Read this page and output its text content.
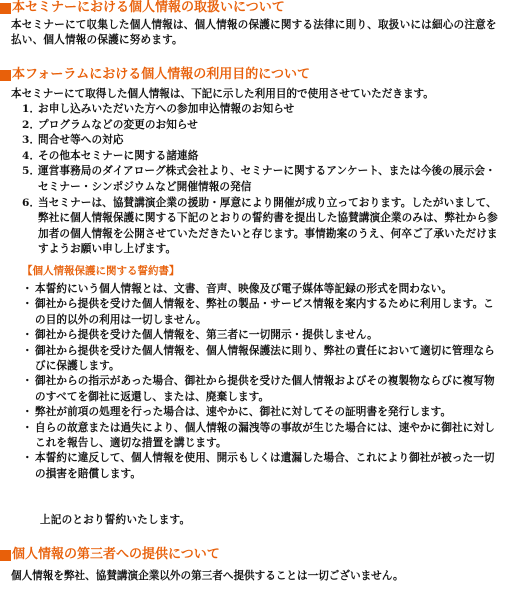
本セミナーにおける個人情報の取扱いについて
本セミナーにて収集した個人情報は、個人情報の保護に関する法律に則り、取扱いには細心の注意を払い、個人情報の保護に努めます。
本フォーラムにおける個人情報の利用目的について
本セミナーにて取得した個人情報は、下記に示した利用目的で使用させていただきます。
1．
お申し込みいただいた方への参加申込情報のお知らせ
2．
プログラムなどの変更のお知らせ
3．
問合せ等への対応
4．
その他本セミナーに関する諸連絡
5．
運営事務局のダイアローグ株式会社より、セミナーに関するアンケート、または今後の展示会・セミナー・シンポジウムなど開催情報の発信
6．
当セミナーは、協賛講演企業の援助・厚意により開催が成り立っております。したがいまして、弊社に個人情報保護に関する下記のとおりの誓約書を提出した協賛講演企業のみは、弊社から参加者の個人情報を公開させていただきたいと存じます。事情勘案のうえ、何卒ご了承いただけますようお願い申し上げます。
【個人情報保護に関する誓約書】
・ 本誓約にいう個人情報とは、文書、音声、映像及び電子媒体等記録の形式を問わない。
・ 御社から提供を受けた個人情報を、弊社の製品・サービス情報を案内するために利用します。この目的以外の利用は一切しません。
・ 御社から提供を受けた個人情報を、第三者に一切開示・提供しません。
・ 御社から提供を受けた個人情報を、個人情報保護法に則り、弊社の責任において適切に管理ならびに保護します。
・ 御社からの指示があった場合、御社から提供を受けた個人情報およびその複製物ならびに複写物のすべてを御社に返還し、または、廃棄します。
・ 弊社が前項の処理を行った場合は、速やかに、御社に対してその証明書を発行します。
・ 自らの故意または過失により、個人情報の漏洩等の事故が生じた場合には、速やかに御社に対しこれを報告し、適切な措置を講じます。
・ 本誓約に違反して、個人情報を使用、開示もしくは遺漏した場合、これにより御社が被った一切の損害を賠償します。
上記のとおり誓約いたします。
個人情報の第三者への提供について
個人情報を弊社、協賛講演企業以外の第三者へ提供することは一切ございません。
